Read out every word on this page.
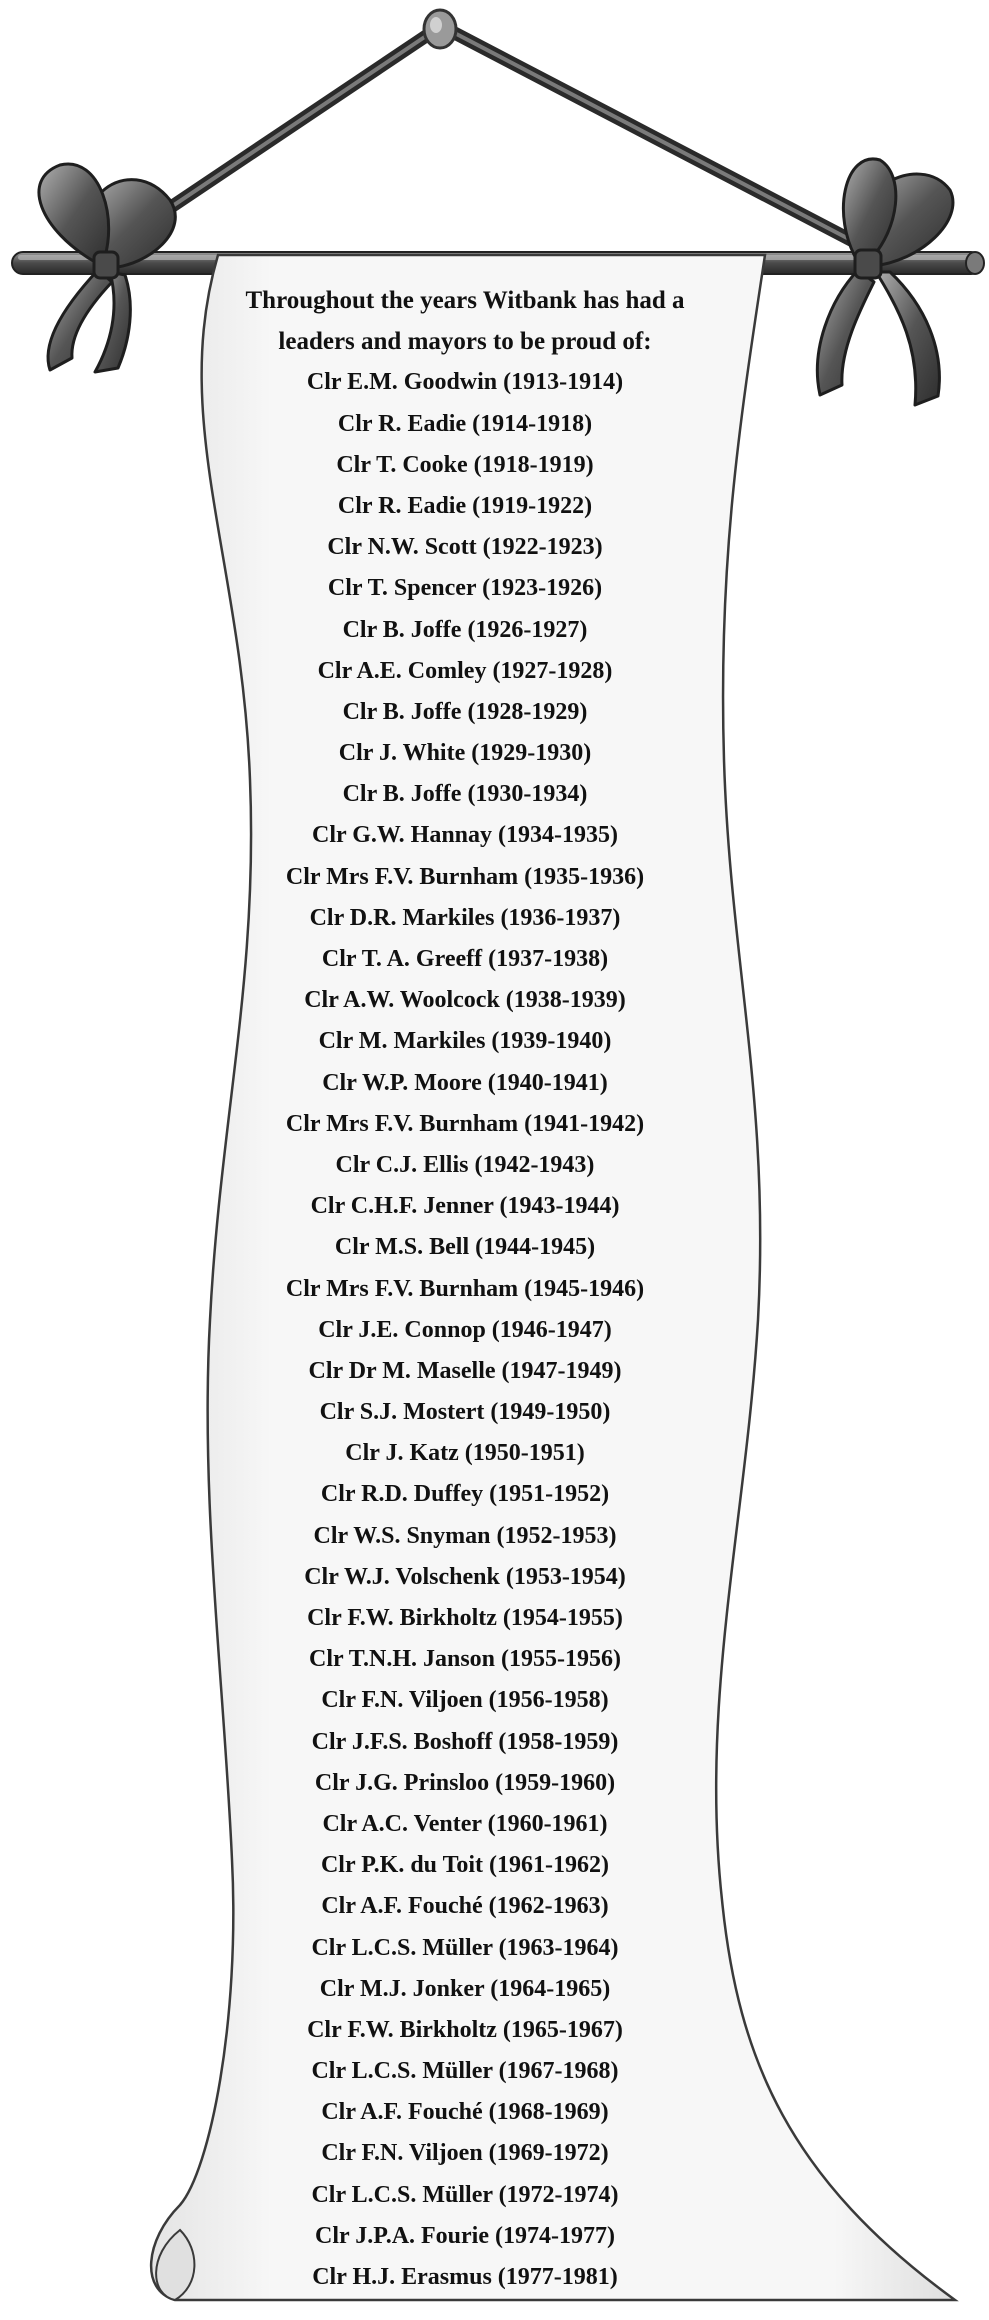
Throughout the years Witbank has had a
leaders and mayors to be proud of:
Clr E.M. Goodwin (1913-1914)
Clr R. Eadie (1914-1918)
Clr T. Cooke (1918-1919)
Clr R. Eadie (1919-1922)
Clr N.W. Scott (1922-1923)
Clr T. Spencer (1923-1926)
Clr B. Joffe (1926-1927)
Clr A.E. Comley (1927-1928)
Clr B. Joffe (1928-1929)
Clr J. White (1929-1930)
Clr B. Joffe (1930-1934)
Clr G.W. Hannay (1934-1935)
Clr Mrs F.V. Burnham (1935-1936)
Clr D.R. Markiles (1936-1937)
Clr T. A. Greeff (1937-1938)
Clr A.W. Woolcock (1938-1939)
Clr M. Markiles (1939-1940)
Clr W.P. Moore (1940-1941)
Clr Mrs F.V. Burnham (1941-1942)
Clr C.J. Ellis (1942-1943)
Clr C.H.F. Jenner (1943-1944)
Clr M.S. Bell (1944-1945)
Clr Mrs F.V. Burnham (1945-1946)
Clr J.E. Connop (1946-1947)
Clr Dr M. Maselle (1947-1949)
Clr S.J. Mostert (1949-1950)
Clr J. Katz (1950-1951)
Clr R.D. Duffey (1951-1952)
Clr W.S. Snyman (1952-1953)
Clr W.J. Volschenk (1953-1954)
Clr F.W. Birkholtz (1954-1955)
Clr T.N.H. Janson (1955-1956)
Clr F.N. Viljoen (1956-1958)
Clr J.F.S. Boshoff (1958-1959)
Clr J.G. Prinsloo (1959-1960)
Clr A.C. Venter (1960-1961)
Clr P.K. du Toit (1961-1962)
Clr A.F. Fouché (1962-1963)
Clr L.C.S. Müller (1963-1964)
Clr M.J. Jonker (1964-1965)
Clr F.W. Birkholtz (1965-1967)
Clr L.C.S. Müller (1967-1968)
Clr A.F. Fouché (1968-1969)
Clr F.N. Viljoen (1969-1972)
Clr L.C.S. Müller (1972-1974)
Clr J.P.A. Fourie (1974-1977)
Clr H.J. Erasmus (1977-1981)
